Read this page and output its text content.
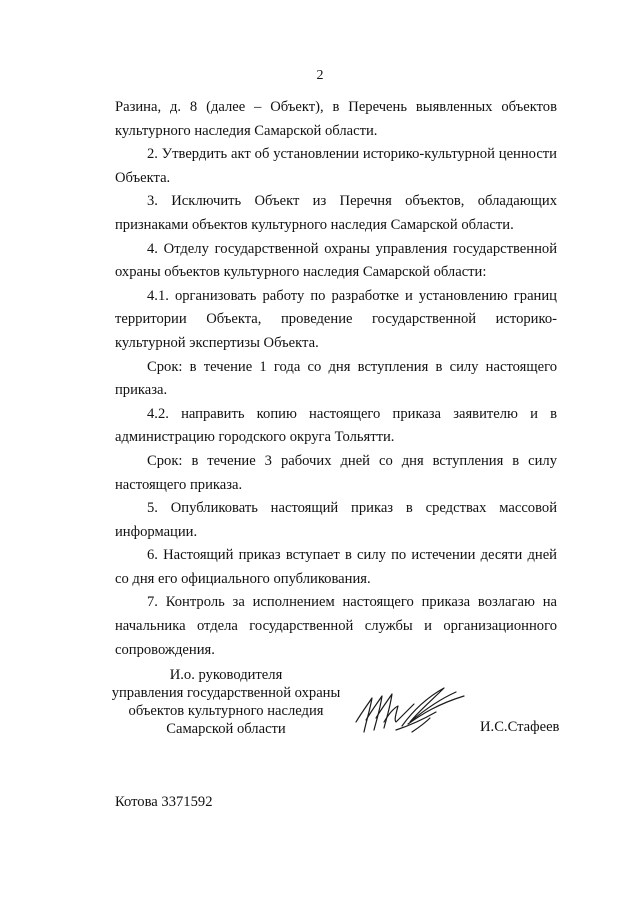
2

Разина, д. 8 (далее – Объект), в Перечень выявленных объектов культурного наследия Самарской области.

2. Утвердить акт об установлении историко-культурной ценности Объекта.

3. Исключить Объект из Перечня объектов, обладающих признаками объектов культурного наследия Самарской области.

4. Отделу государственной охраны управления государственной охраны объектов культурного наследия Самарской области:

4.1. организовать работу по разработке и установлению границ территории Объекта, проведение государственной историко-культурной экспертизы Объекта.

Срок: в течение 1 года со дня вступления в силу настоящего приказа.

4.2. направить копию настоящего приказа заявителю и в администрацию городского округа Тольятти.

Срок: в течение 3 рабочих дней со дня вступления в силу настоящего приказа.

5. Опубликовать настоящий приказ в средствах массовой информации.

6. Настоящий приказ вступает в силу по истечении десяти дней со дня его официального опубликования.

7. Контроль за исполнением настоящего приказа возлагаю на начальника отдела государственной службы и организационного сопровождения.

И.о. руководителя
управления государственной охраны
объектов культурного наследия
Самарской области	И.С.Стафеев
Котова 3371592
